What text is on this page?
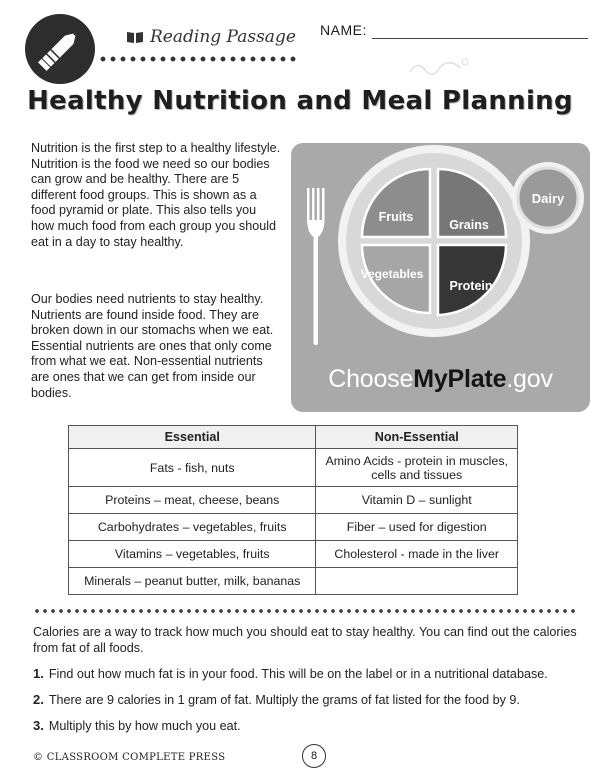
Reading Passage NAME:
Healthy Nutrition and Meal Planning
Nutrition is the first step to a healthy lifestyle. Nutrition is the food we need so our bodies can grow and be healthy. There are 5 different food groups. This is shown as a food pyramid or plate. This also tells you how much food from each group you should eat in a day to stay healthy.
Our bodies need nutrients to stay healthy. Nutrients are found inside food. They are broken down in our stomachs when we eat. Essential nutrients are ones that only come from what we eat. Non-essential nutrients are ones that we can get from inside our bodies.
Fruits
Grains
Vegetables
Protein
Dairy
ChooseMyPlate.gov
Essential	Non-Essential
Fats - fish, nuts	Amino Acids - protein in muscles, cells and tissues
Proteins – meat, cheese, beans	Vitamin D – sunlight
Carbohydrates – vegetables, fruits	Fiber – used for digestion
Vitamins – vegetables, fruits	Cholesterol - made in the liver
Minerals – peanut butter, milk, bananas	
Calories are a way to track how much you should eat to stay healthy. You can find out the calories from fat of all foods.
1. Find out how much fat is in your food. This will be on the label or in a nutritional database.
2. There are 9 calories in 1 gram of fat. Multiply the grams of fat listed for the food by 9.
3. Multiply this by how much you eat.
© CLASSROOM COMPLETE PRESS	8
